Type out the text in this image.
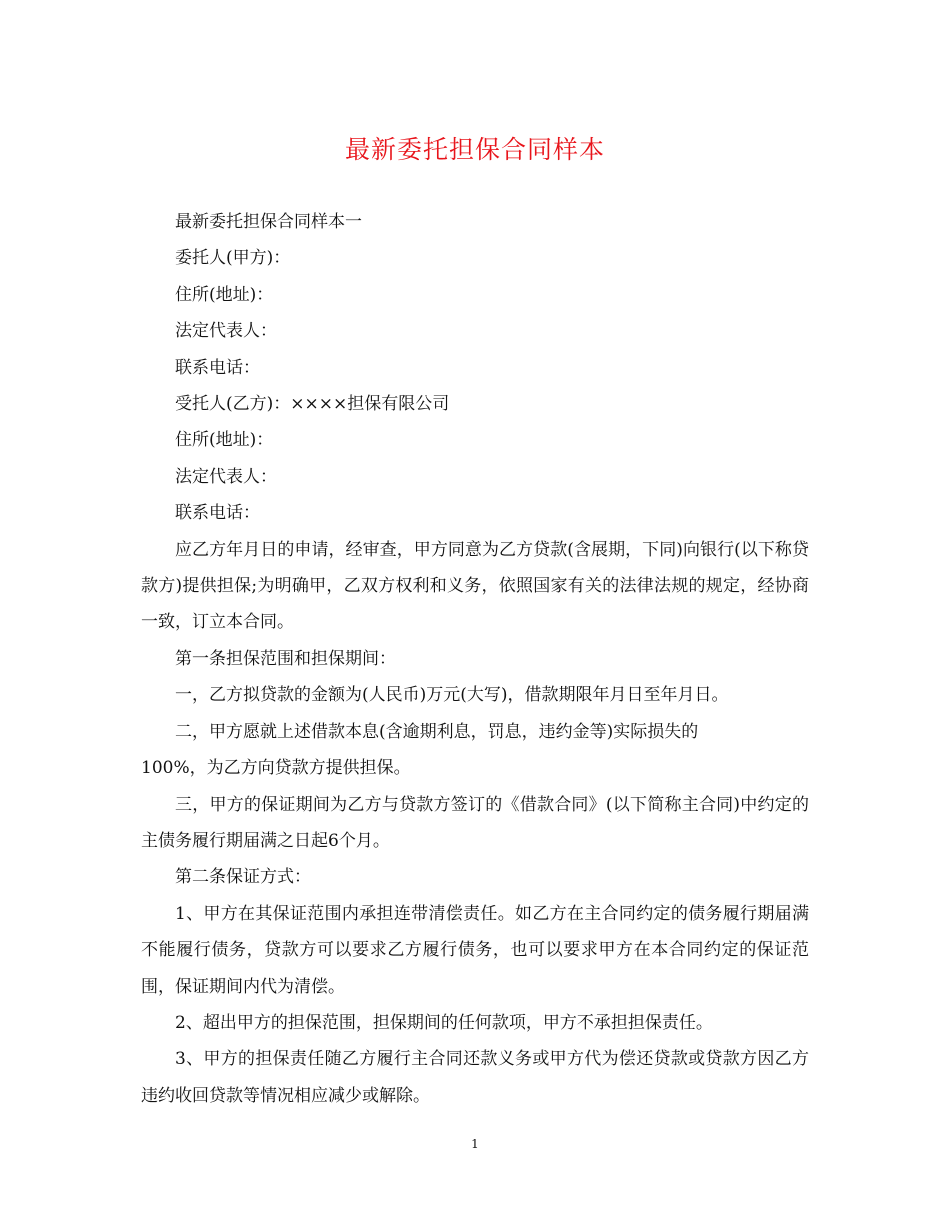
最新委托担保合同样本

最新委托担保合同样本一

委托人(甲方)：

住所(地址)：

法定代表人：

联系电话：

受托人(乙方)：××××担保有限公司

住所(地址)：

法定代表人：

联系电话：

应乙方年月日的申请，经审查，甲方同意为乙方贷款(含展期，下同)向银行(以下称贷款方)提供担保;为明确甲，乙双方权利和义务，依照国家有关的法律法规的规定，经协商一致，订立本合同。

第一条担保范围和担保期间：

一，乙方拟贷款的金额为(人民币)万元(大写)，借款期限年月日至年月日。

二，甲方愿就上述借款本息(含逾期利息，罚息，违约金等)实际损失的

100%，为乙方向贷款方提供担保。

三，甲方的保证期间为乙方与贷款方签订的《借款合同》(以下简称主合同)中约定的主债务履行期届满之日起6个月。

第二条保证方式：

1、甲方在其保证范围内承担连带清偿责任。如乙方在主合同约定的债务履行期届满不能履行债务，贷款方可以要求乙方履行债务，也可以要求甲方在本合同约定的保证范围，保证期间内代为清偿。

2、超出甲方的担保范围，担保期间的任何款项，甲方不承担担保责任。

3、甲方的担保责任随乙方履行主合同还款义务或甲方代为偿还贷款或贷款方因乙方违约收回贷款等情况相应减少或解除。

1
